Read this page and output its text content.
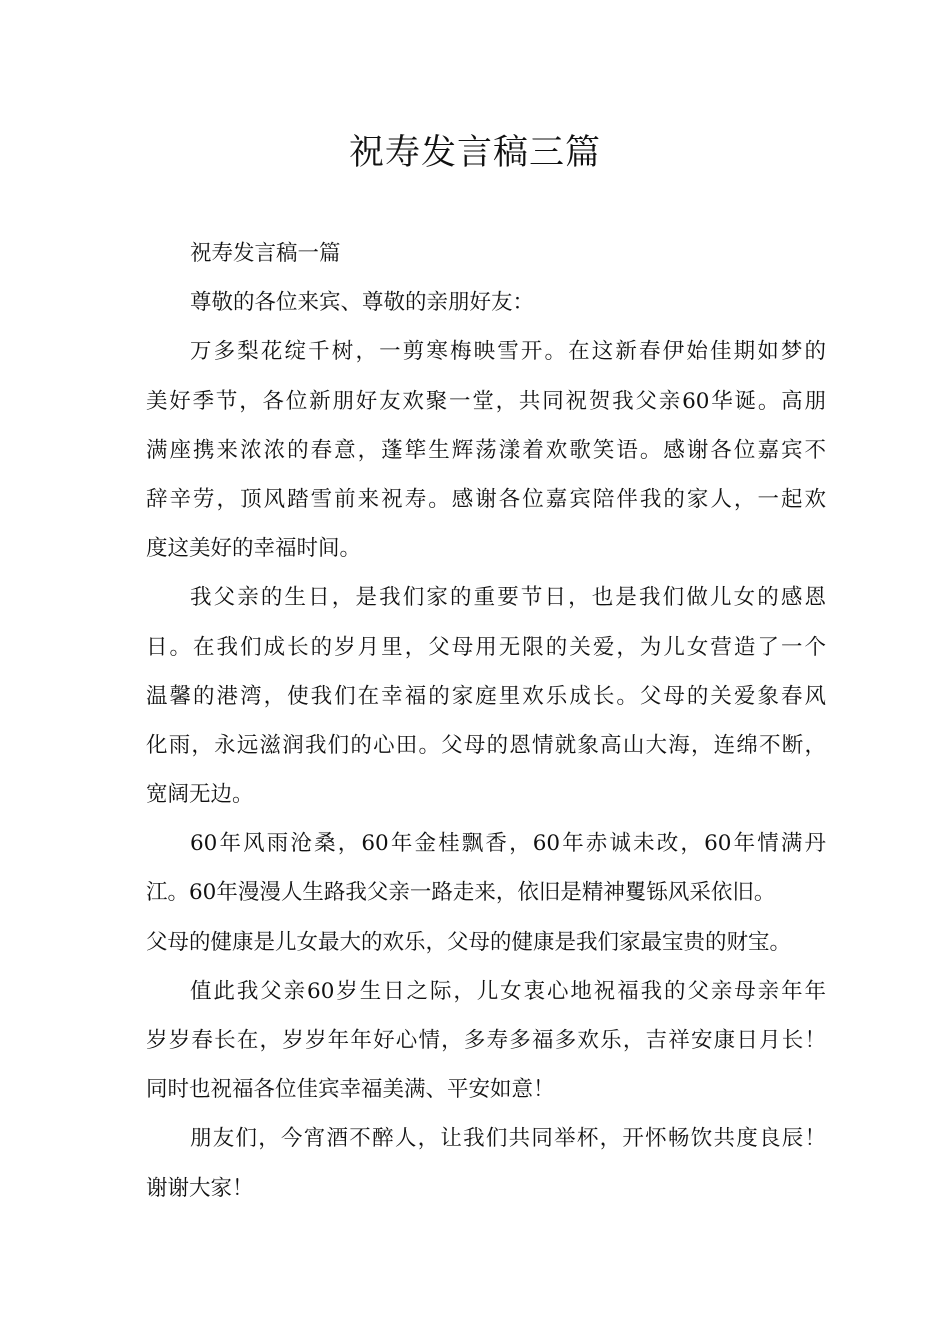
祝寿发言稿三篇
祝寿发言稿一篇
尊敬的各位来宾、尊敬的亲朋好友：
万多梨花绽千树，一剪寒梅映雪开。在这新春伊始佳期如梦的
美好季节，各位新朋好友欢聚一堂，共同祝贺我父亲60华诞。高朋
满座携来浓浓的春意，蓬筚生辉荡漾着欢歌笑语。感谢各位嘉宾不
辞辛劳，顶风踏雪前来祝寿。感谢各位嘉宾陪伴我的家人，一起欢
度这美好的幸福时间。
我父亲的生日，是我们家的重要节日，也是我们做儿女的感恩
日。在我们成长的岁月里，父母用无限的关爱，为儿女营造了一个
温馨的港湾，使我们在幸福的家庭里欢乐成长。父母的关爱象春风
化雨，永远滋润我们的心田。父母的恩情就象高山大海，连绵不断，
宽阔无边。
60年风雨沧桑，60年金桂飘香，60年赤诚未改，60年情满丹
江。60年漫漫人生路我父亲一路走来，依旧是精神矍铄风采依旧。
父母的健康是儿女最大的欢乐，父母的健康是我们家最宝贵的财宝。
值此我父亲60岁生日之际，儿女衷心地祝福我的父亲母亲年年
岁岁春长在，岁岁年年好心情，多寿多福多欢乐，吉祥安康日月长！
同时也祝福各位佳宾幸福美满、平安如意！
朋友们，今宵酒不醉人，让我们共同举杯，开怀畅饮共度良辰！
谢谢大家！
